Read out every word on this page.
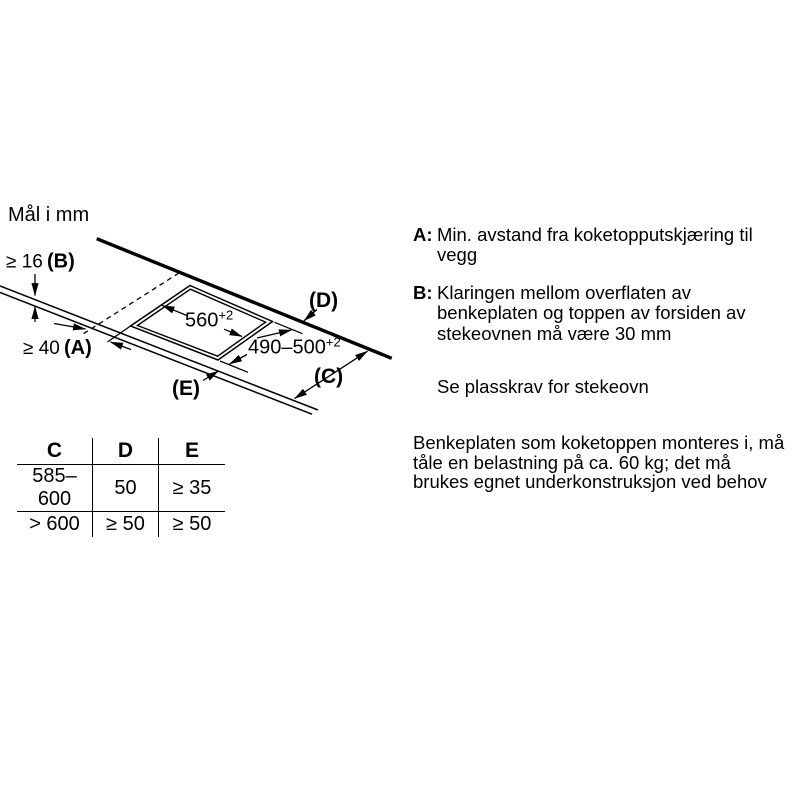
Mål i mm
≥ 16 (B)
≥ 40 (A)
$560^{+2}$
$490-500^{+2}$
(D)
(C)
(E)
A: Min. avstand fra koketopputskjæring til
vegg
B: Klaringen mellom overflaten av
benkeplaten og toppen av forsiden av
stekeovnen må være 30 mm
Se plasskrav for stekeovn
C	D	E
585–600	50	≥ 35
> 600	≥ 50	≥ 50
Benkeplaten som koketoppen monteres i, må
tåle en belastning på ca. 60 kg; det må
brukes egnet underkonstruksjon ved behov
